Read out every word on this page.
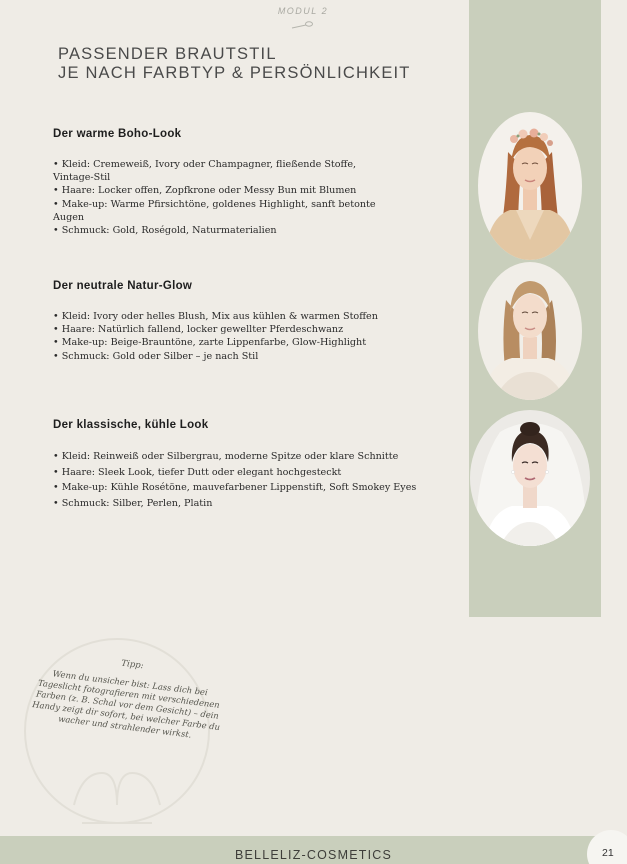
MODUL 2
PASSENDER BRAUTSTIL
JE NACH FARBTYP & PERSÖNLICHKEIT
Der warme Boho-Look
• Kleid: Cremeweiß, Ivory oder Champagner, fließende Stoffe, Vintage-Stil
• Haare: Locker offen, Zopfkrone oder Messy Bun mit Blumen
• Make-up: Warme Pfirsichtöne, goldenes Highlight, sanft betonte Augen
• Schmuck: Gold, Roségold, Naturmaterialien
Der neutrale Natur-Glow
• Kleid: Ivory oder helles Blush, Mix aus kühlen & warmen Stoffen
• Haare: Natürlich fallend, locker gewellter Pferdeschwanz
• Make-up: Beige-Brauntöne, zarte Lippenfarbe, Glow-Highlight
• Schmuck: Gold oder Silber – je nach Stil
Der klassische, kühle Look
• Kleid: Reinweiß oder Silbergrau, moderne Spitze oder klare Schnitte
• Haare: Sleek Look, tiefer Dutt oder elegant hochgesteckt
• Make-up: Kühle Rosétöne, mauvefarbener Lippenstift, Soft Smokey Eyes
• Schmuck: Silber, Perlen, Platin
Tipp:
Wenn du unsicher bist: Lass dich bei Tageslicht fotografieren mit verschiedenen Farben (z. B. Schal vor dem Gesicht) – dein Handy zeigt dir sofort, bei welcher Farbe du wacher und strahlender wirkst.
BELLELIZ-COSMETICS	21
